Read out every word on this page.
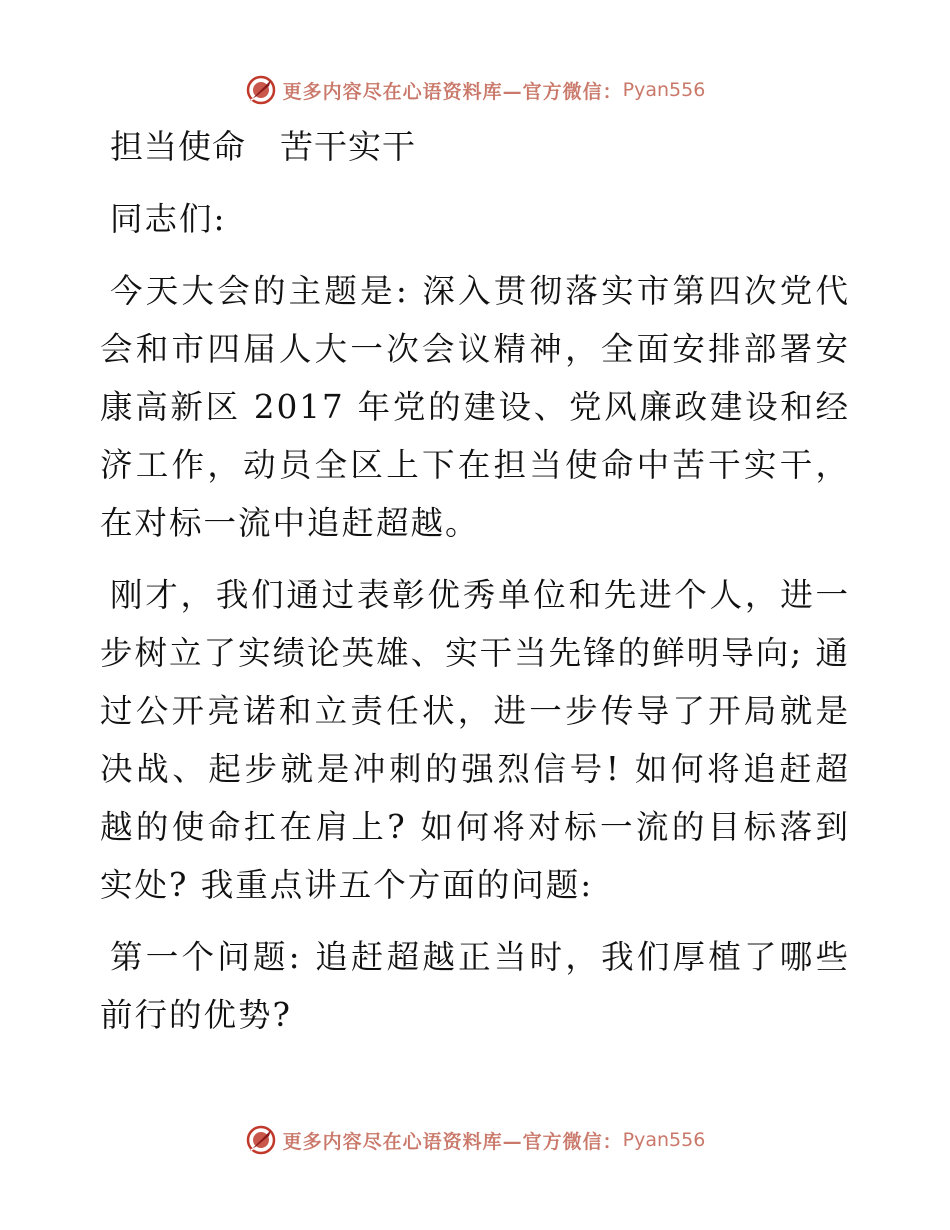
更多内容尽在心语资料库—官方微信： Pyan556
担当使命　苦干实干

同志们:

今天大会的主题是: 深入贯彻落实市第四次党代会和市四届人大一次会议精神，全面安排部署安康高新区 2017 年党的建设、党风廉政建设和经济工作，动员全区上下在担当使命中苦干实干，在对标一流中追赶超越。

刚才，我们通过表彰优秀单位和先进个人，进一步树立了实绩论英雄、实干当先锋的鲜明导向; 通过公开亮诺和立责任状，进一步传导了开局就是决战、起步就是冲刺的强烈信号! 如何将追赶超越的使命扛在肩上? 如何将对标一流的目标落到实处? 我重点讲五个方面的问题:

第一个问题: 追赶超越正当时，我们厚植了哪些前行的优势?

更多内容尽在心语资料库—官方微信： Pyan556
